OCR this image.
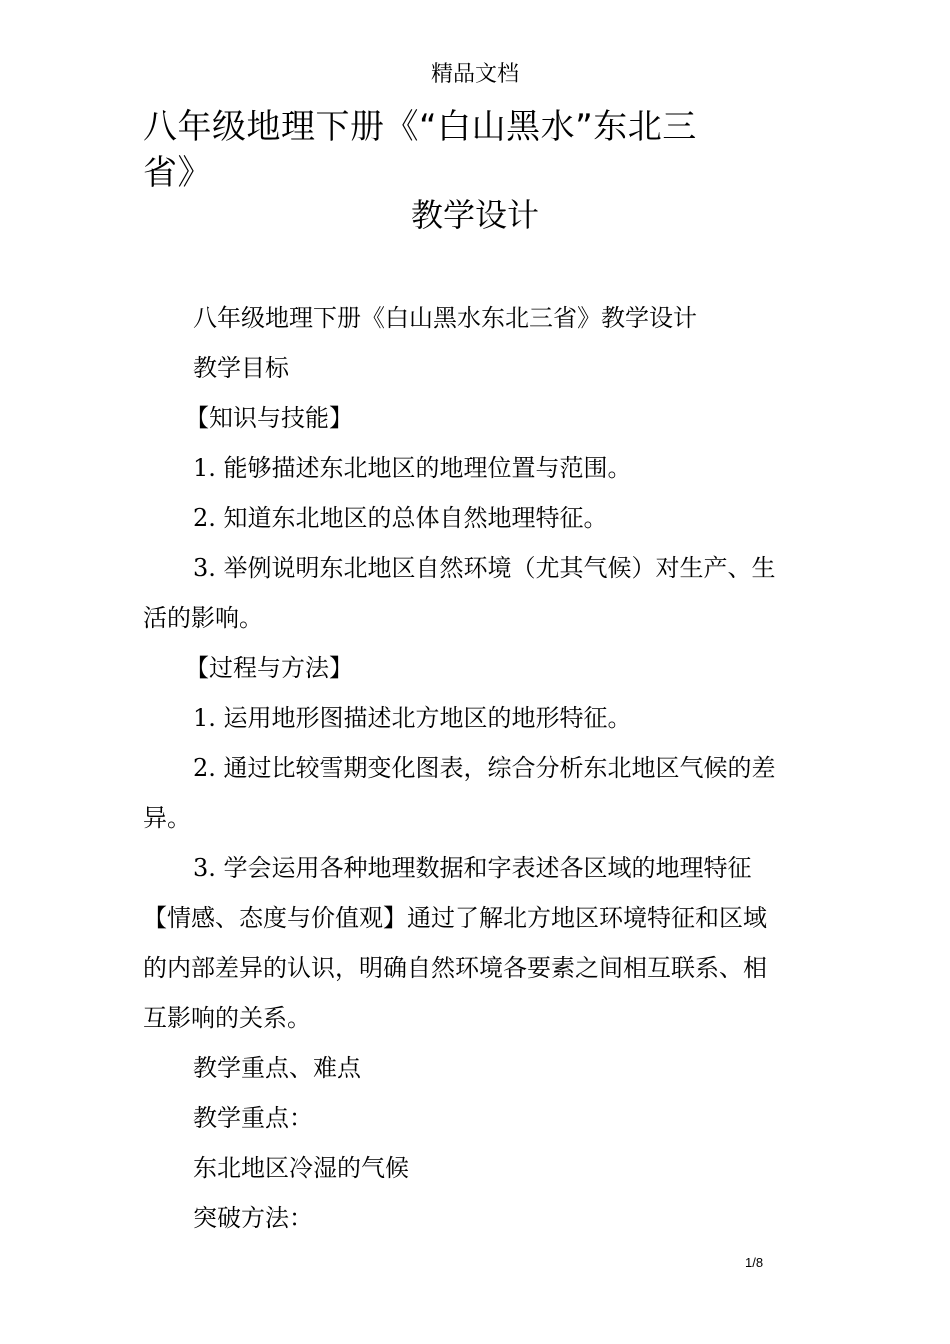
精品文档
八年级地理下册《“白山黑水”东北三
省》
教学设计

八年级地理下册《白山黑水东北三省》教学设计

教学目标

【知识与技能】

1. 能够描述东北地区的地理位置与范围。

2. 知道东北地区的总体自然地理特征。

3. 举例说明东北地区自然环境（尤其气候）对生产、生

活的影响。

【过程与方法】

1. 运用地形图描述北方地区的地形特征。

2. 通过比较雪期变化图表，综合分析东北地区气候的差

异。

3. 学会运用各种地理数据和字表述各区域的地理特征

【情感、态度与价值观】通过了解北方地区环境特征和区域

的内部差异的认识，明确自然环境各要素之间相互联系、相

互影响的关系。

教学重点、难点

教学重点：

东北地区冷湿的气候

突破方法：

1/8
